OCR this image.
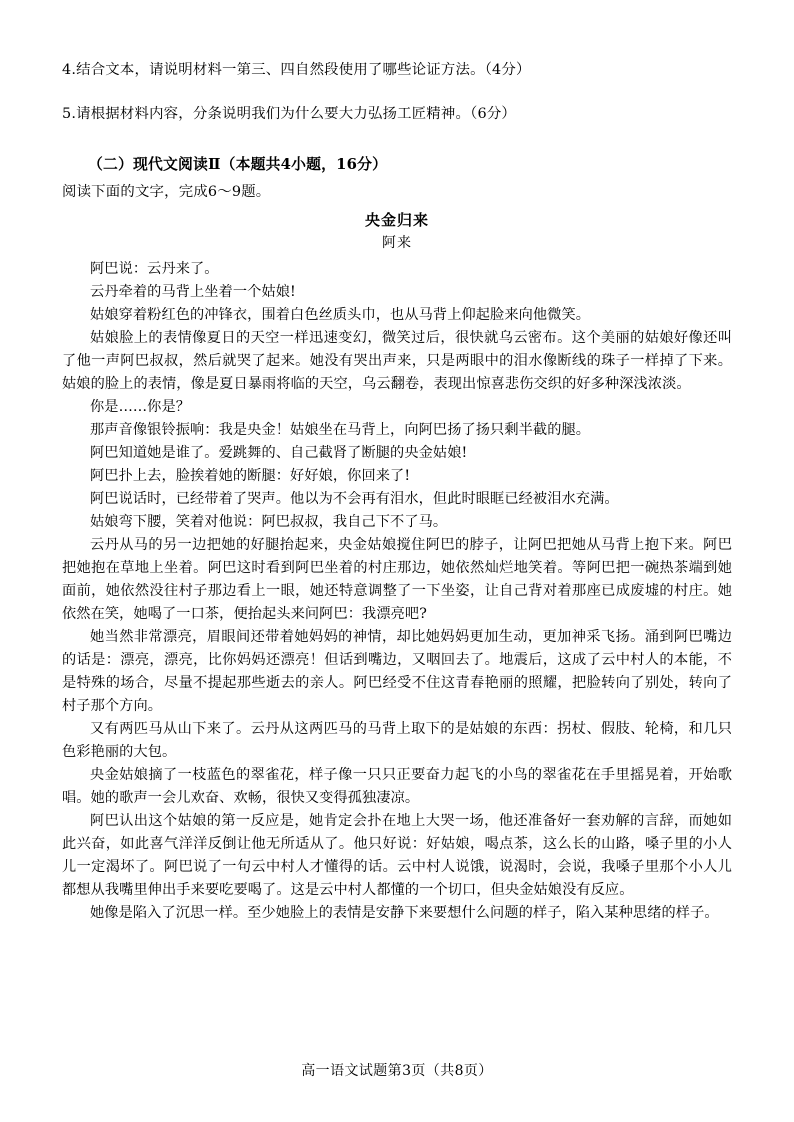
4.结合文本，请说明材料一第三、四自然段使用了哪些论证方法。（4分）

5.请根据材料内容，分条说明我们为什么要大力弘扬工匠精神。（6分）

（二）现代文阅读Ⅱ（本题共4小题，16分）

阅读下面的文字，完成6～9题。

央金归来

阿来

阿巴说：云丹来了。

云丹牵着的马背上坐着一个姑娘!

姑娘穿着粉红色的冲锋衣，围着白色丝质头巾，也从马背上仰起脸来向他微笑。

姑娘脸上的表情像夏日的天空一样迅速变幻，微笑过后，很快就乌云密布。这个美丽的姑娘好像还叫了他一声阿巴叔叔，然后就哭了起来。她没有哭出声来，只是两眼中的泪水像断线的珠子一样掉了下来。姑娘的脸上的表情，像是夏日暴雨将临的天空，乌云翻卷，表现出惊喜悲伤交织的好多种深浅浓淡。

你是……你是？

那声音像银铃振响：我是央金！姑娘坐在马背上，向阿巴扬了扬只剩半截的腿。

阿巴知道她是谁了。爱跳舞的、自己截肾了断腿的央金姑娘!

阿巴扑上去，脸挨着她的断腿：好好娘，你回来了!

阿巴说话时，已经带着了哭声。他以为不会再有泪水，但此时眼眶已经被泪水充满。

姑娘弯下腰，笑着对他说：阿巴叔叔，我自己下不了马。

云丹从马的另一边把她的好腿抬起来，央金姑娘搅住阿巴的脖子，让阿巴把她从马背上抱下来。阿巴把她抱在草地上坐着。阿巴这时看到阿巴坐着的村庄那边，她依然灿烂地笑着。等阿巴把一碗热茶端到她面前，她依然没往村子那边看上一眼，她还特意调整了一下坐姿，让自己背对着那座已成废墟的村庄。她依然在笑，她喝了一口茶，便抬起头来问阿巴：我漂亮吧?

她当然非常漂亮，眉眼间还带着她妈妈的神情，却比她妈妈更加生动，更加神采飞扬。涌到阿巴嘴边的话是：漂亮，漂亮，比你妈妈还漂亮！但话到嘴边，又咽回去了。地震后，这成了云中村人的本能，不是特殊的场合，尽量不提起那些逝去的亲人。阿巴经受不住这青春艳丽的照耀，把脸转向了别处，转向了村子那个方向。

又有两匹马从山下来了。云丹从这两匹马的马背上取下的是姑娘的东西：拐杖、假肢、轮椅，和几只色彩艳丽的大包。

央金姑娘摘了一枝蓝色的翠雀花，样子像一只只正要奋力起飞的小鸟的翠雀花在手里摇晃着，开始歌唱。她的歌声一会儿欢奋、欢畅，很快又变得孤独凄凉。

阿巴认出这个姑娘的第一反应是，她肯定会扑在地上大哭一场，他还准备好一套劝解的言辞，而她如此兴奋，如此喜气洋洋反倒让他无所适从了。他只好说：好姑娘，喝点茶，这么长的山路，嗓子里的小人儿一定渴坏了。阿巴说了一句云中村人才懂得的话。云中村人说饿，说渴时，会说，我嗓子里那个小人儿都想从我嘴里伸出手来要吃要喝了。这是云中村人都懂的一个切口，但央金姑娘没有反应。

她像是陷入了沉思一样。至少她脸上的表情是安静下来要想什么问题的样子，陷入某种思绪的样子。

高一语文试题第3页（共8页）
